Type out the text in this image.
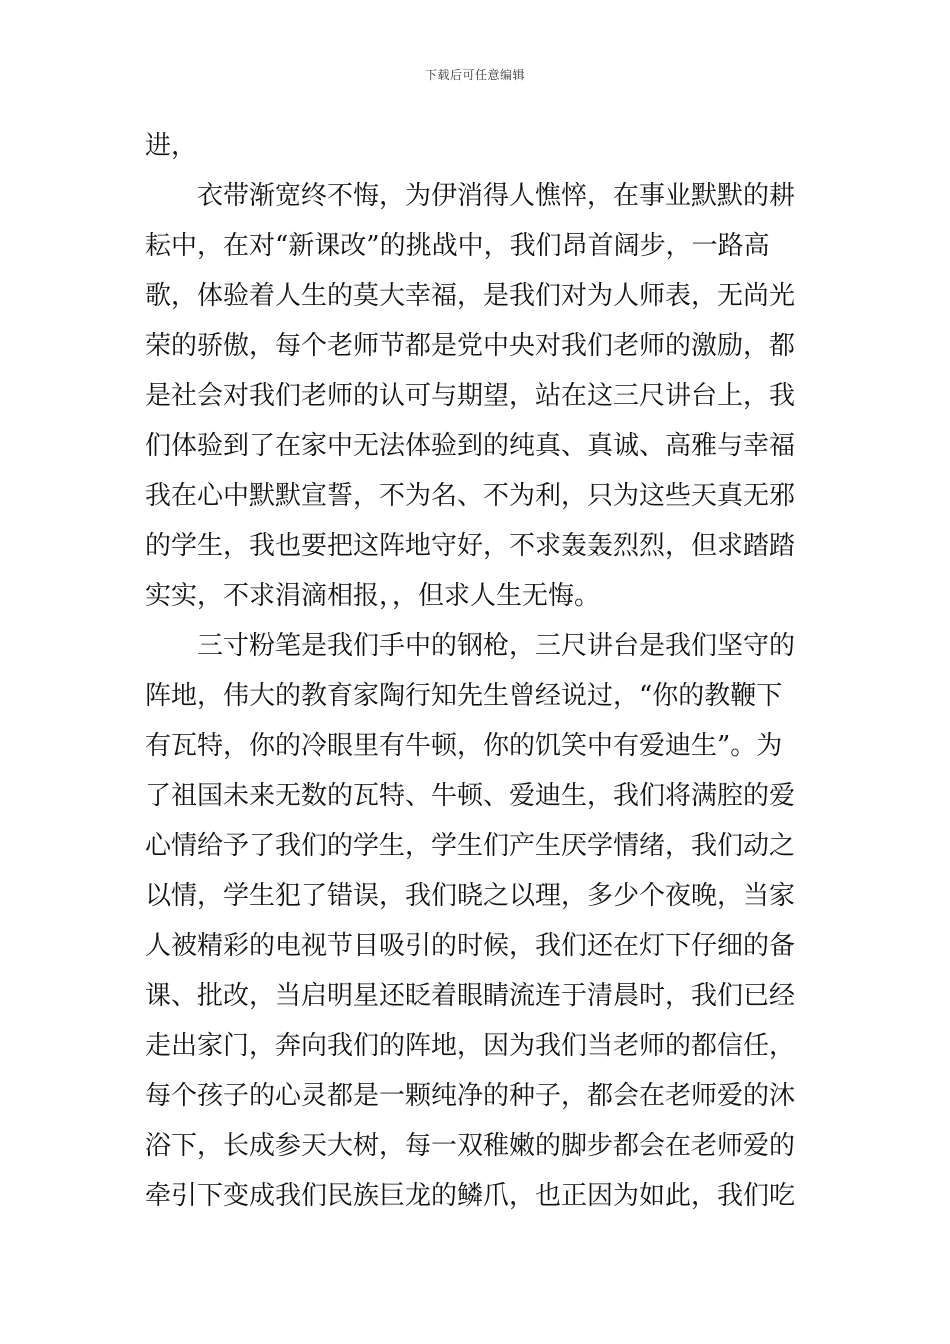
下载后可任意编辑
进，
衣带渐宽终不悔，为伊消得人憔悴，在事业默默的耕
耘中，在对“新课改”的挑战中，我们昂首阔步，一路高
歌，体验着人生的莫大幸福，是我们对为人师表，无尚光
荣的骄傲，每个老师节都是党中央对我们老师的激励，都
是社会对我们老师的认可与期望，站在这三尺讲台上，我
们体验到了在家中无法体验到的纯真、真诚、高雅与幸福
我在心中默默宣誓，不为名、不为利，只为这些天真无邪
的学生，我也要把这阵地守好，不求轰轰烈烈，但求踏踏
实实，不求涓滴相报，，但求人生无悔。
三寸粉笔是我们手中的钢枪，三尺讲台是我们坚守的
阵地，伟大的教育家陶行知先生曾经说过，“你的教鞭下
有瓦特，你的冷眼里有牛顿，你的饥笑中有爱迪生”。为
了祖国未来无数的瓦特、牛顿、爱迪生，我们将满腔的爱
心情给予了我们的学生，学生们产生厌学情绪，我们动之
以情，学生犯了错误，我们晓之以理，多少个夜晚，当家
人被精彩的电视节目吸引的时候，我们还在灯下仔细的备
课、批改，当启明星还眨着眼睛流连于清晨时，我们已经
走出家门，奔向我们的阵地，因为我们当老师的都信任，
每个孩子的心灵都是一颗纯净的种子，都会在老师爱的沐
浴下，长成参天大树，每一双稚嫩的脚步都会在老师爱的
牵引下变成我们民族巨龙的鳞爪，也正因为如此，我们吃
